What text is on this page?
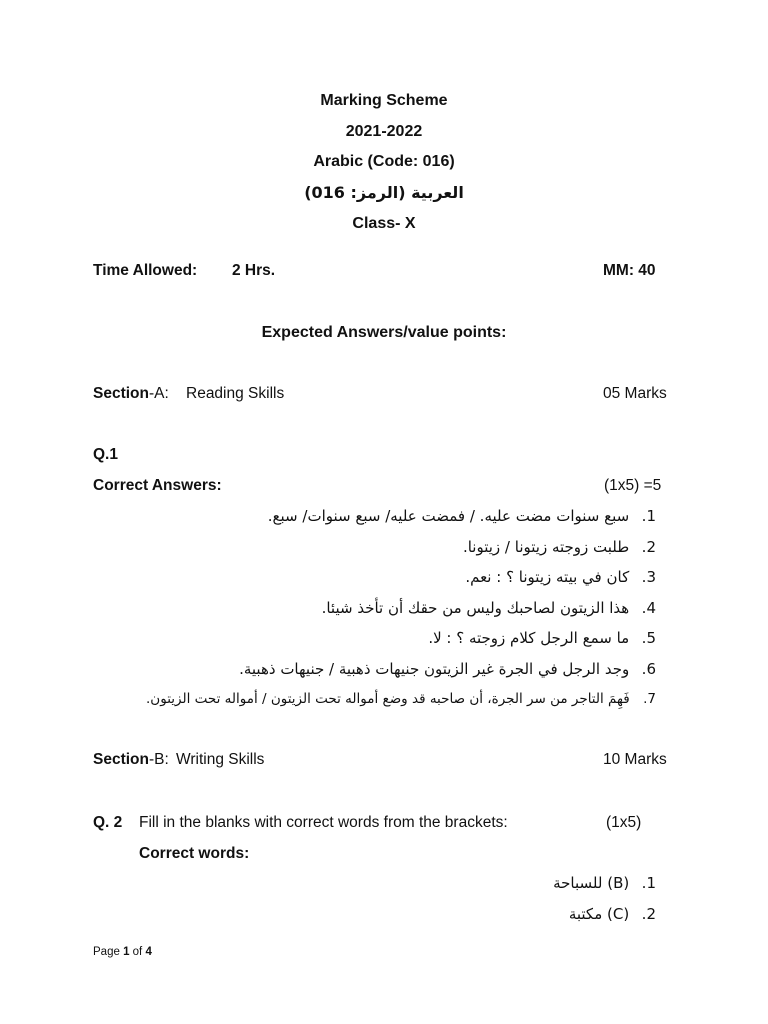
Marking Scheme
2021-2022
Arabic (Code: 016)
العربية (الرمز: 016)
Class- X
Time Allowed: 2 Hrs.	MM: 40
Expected Answers/value points:
Section-A: Reading Skills	05 Marks
Q.1
Correct Answers:	(1x5) =5
1. سبع سنوات مضت عليه. / فمضت عليه/ سبع سنوات/ سبع.
2. طلبت زوجته زيتونا / زيتونا.
3. كان في بيته زيتونا ؟ : نعم.
4. هذا الزيتون لصاحبك وليس من حقك أن تأخذ شيئا.
5. ما سمع الرجل كلام زوجته ؟ : لا.
6. وجد الرجل في الجرة غير الزيتون جنيهات ذهبية / جنيهات ذهبية.
7. فَهِمَ التاجر من سر الجرة، أن صاحبه قد وضع أمواله تحت الزيتون / أمواله تحت الزيتون.
Section-B: Writing Skills	10 Marks
Q. 2 Fill in the blanks with correct words from the brackets:	(1x5)
Correct words:
1. (B) للسباحة
2. (C) مكتبة
Page 1 of 4
